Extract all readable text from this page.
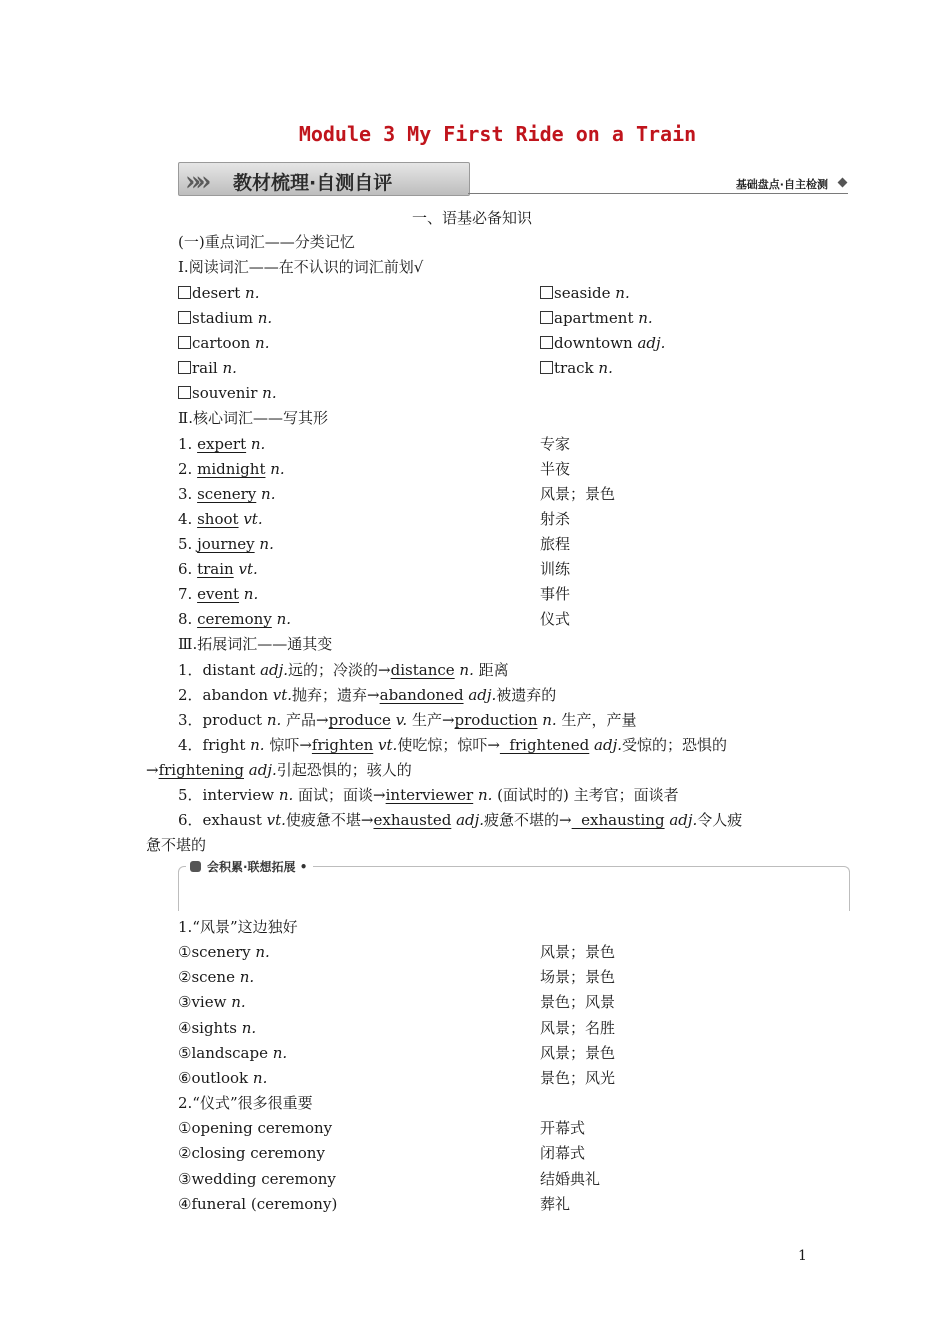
Module 3 My First Ride on a Train
»» 教材梳理·自测自评	基础盘点·自主检测
一、语基必备知识
(一)重点词汇——分类记忆
Ⅰ.阅读词汇——在不认识的词汇前划√
desert n.	seaside n.
stadium n.	apartment n.
cartoon n.	downtown adj.
rail n.	track n.
souvenir n.
Ⅱ.核心词汇——写其形
1. expert n.	专家
2. midnight n.	半夜
3. scenery n.	风景；景色
4. shoot vt.	射杀
5. journey n.	旅程
6. train vt.	训练
7. event n.	事件
8. ceremony n.	仪式
Ⅲ.拓展词汇——通其变
1．distant adj.远的；冷淡的→distance n. 距离
2．abandon vt.抛弃；遗弃→abandoned adj.被遗弃的
3．product n. 产品→produce v. 生产→production n. 生产，产量
4．fright n. 惊吓→frighten vt.使吃惊；惊吓→  frightened adj.受惊的；恐惧的
→frightening adj.引起恐惧的；骇人的
5．interview n. 面试；面谈→interviewer n. (面试时的) 主考官；面谈者
6．exhaust vt.使疲惫不堪→exhausted adj.疲惫不堪的→  exhausting adj.令人疲
惫不堪的
会积累·联想拓展 •
1.“风景”这边独好
①scenery n.	风景；景色
②scene n.	场景；景色
③view n.	景色；风景
④sights n.	风景；名胜
⑤landscape n.	风景；景色
⑥outlook n.	景色；风光
2.“仪式”很多很重要
①opening ceremony	开幕式
②closing ceremony	闭幕式
③wedding ceremony	结婚典礼
④funeral (ceremony)	葬礼
1
